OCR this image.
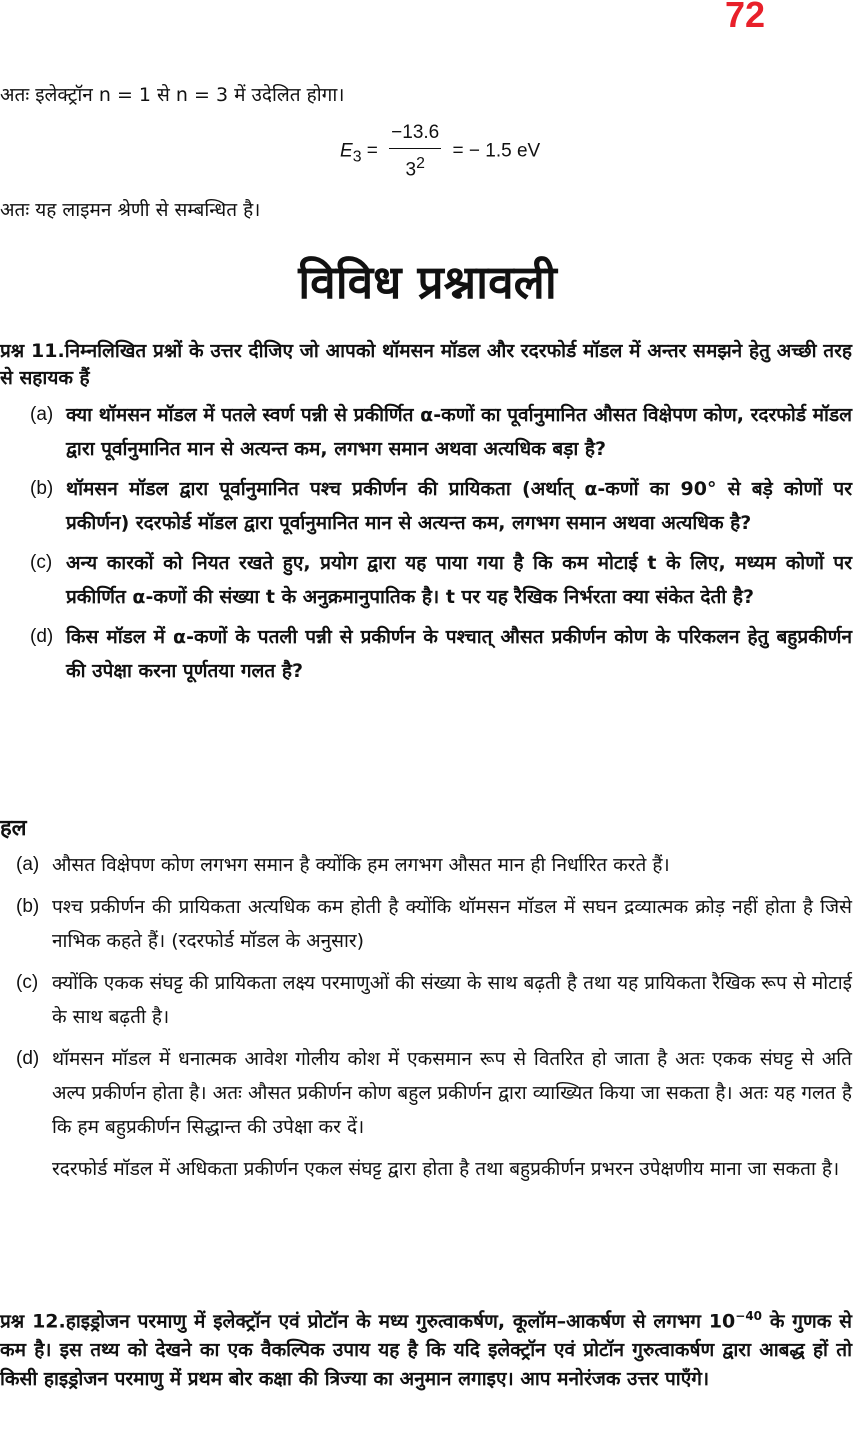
72
अतः इलेक्ट्रॉन n = 1 से n = 3 में उदेलित होगा।
$E_3 = \frac{-13.6}{3^2}$ = − 1.5 eV
अतः यह लाइमन श्रेणी से सम्बन्धित है।
विविध प्रश्नावली
प्रश्न 11.निम्नलिखित प्रश्नों के उत्तर दीजिए जो आपको थॉमसन मॉडल और रदरफोर्ड मॉडल में अन्तर समझने हेतु अच्छी तरह से सहायक हैं
(a) क्या थॉमसन मॉडल में पतले स्वर्ण पन्नी से प्रकीर्णित α-कणों का पूर्वानुमानित औसत विक्षेपण कोण, रदरफोर्ड मॉडल द्वारा पूर्वानुमानित मान से अत्यन्त कम, लगभग समान अथवा अत्यधिक बड़ा है?
(b) थॉमसन मॉडल द्वारा पूर्वानुमानित पश्च प्रकीर्णन की प्रायिकता (अर्थात् α-कणों का 90° से बड़े कोणों पर प्रकीर्णन) रदरफोर्ड मॉडल द्वारा पूर्वानुमानित मान से अत्यन्त कम, लगभग समान अथवा अत्यधिक है?
(c) अन्य कारकों को नियत रखते हुए, प्रयोग द्वारा यह पाया गया है कि कम मोटाई t के लिए, मध्यम कोणों पर प्रकीर्णित α-कणों की संख्या t के अनुक्रमानुपातिक है। t पर यह रैखिक निर्भरता क्या संकेत देती है?
(d) किस मॉडल में α-कणों के पतली पन्नी से प्रकीर्णन के पश्चात् औसत प्रकीर्णन कोण के परिकलन हेतु बहुप्रकीर्णन की उपेक्षा करना पूर्णतया गलत है?
हल
(a) औसत विक्षेपण कोण लगभग समान है क्योंकि हम लगभग औसत मान ही निर्धारित करते हैं।
(b) पश्च प्रकीर्णन की प्रायिकता अत्यधिक कम होती है क्योंकि थॉमसन मॉडल में सघन द्रव्यात्मक क्रोड़ नहीं होता है जिसे नाभिक कहते हैं। (रदरफोर्ड मॉडल के अनुसार)
(c) क्योंकि एकक संघट्ट की प्रायिकता लक्ष्य परमाणुओं की संख्या के साथ बढ़ती है तथा यह प्रायिकता रैखिक रूप से मोटाई के साथ बढ़ती है।
(d) थॉमसन मॉडल में धनात्मक आवेश गोलीय कोश में एकसमान रूप से वितरित हो जाता है अतः एकक संघट्ट से अति अल्प प्रकीर्णन होता है। अतः औसत प्रकीर्णन कोण बहुल प्रकीर्णन द्वारा व्याख्यित किया जा सकता है। अतः यह गलत है कि हम बहुप्रकीर्णन सिद्धान्त की उपेक्षा कर दें।
रदरफोर्ड मॉडल में अधिकता प्रकीर्णन एकल संघट्ट द्वारा होता है तथा बहुप्रकीर्णन प्रभरन उपेक्षणीय माना जा सकता है।
प्रश्न 12.हाइड्रोजन परमाणु में इलेक्ट्रॉन एवं प्रोटॉन के मध्य गुरुत्वाकर्षण, कूलॉम–आकर्षण से लगभग $10^{-40}$ के गुणक से कम है। इस तथ्य को देखने का एक वैकल्पिक उपाय यह है कि यदि इलेक्ट्रॉन एवं प्रोटॉन गुरुत्वाकर्षण द्वारा आबद्ध हों तो किसी हाइड्रोजन परमाणु में प्रथम बोर कक्षा की त्रिज्या का अनुमान लगाइए। आप मनोरंजक उत्तर पाएँगे।
